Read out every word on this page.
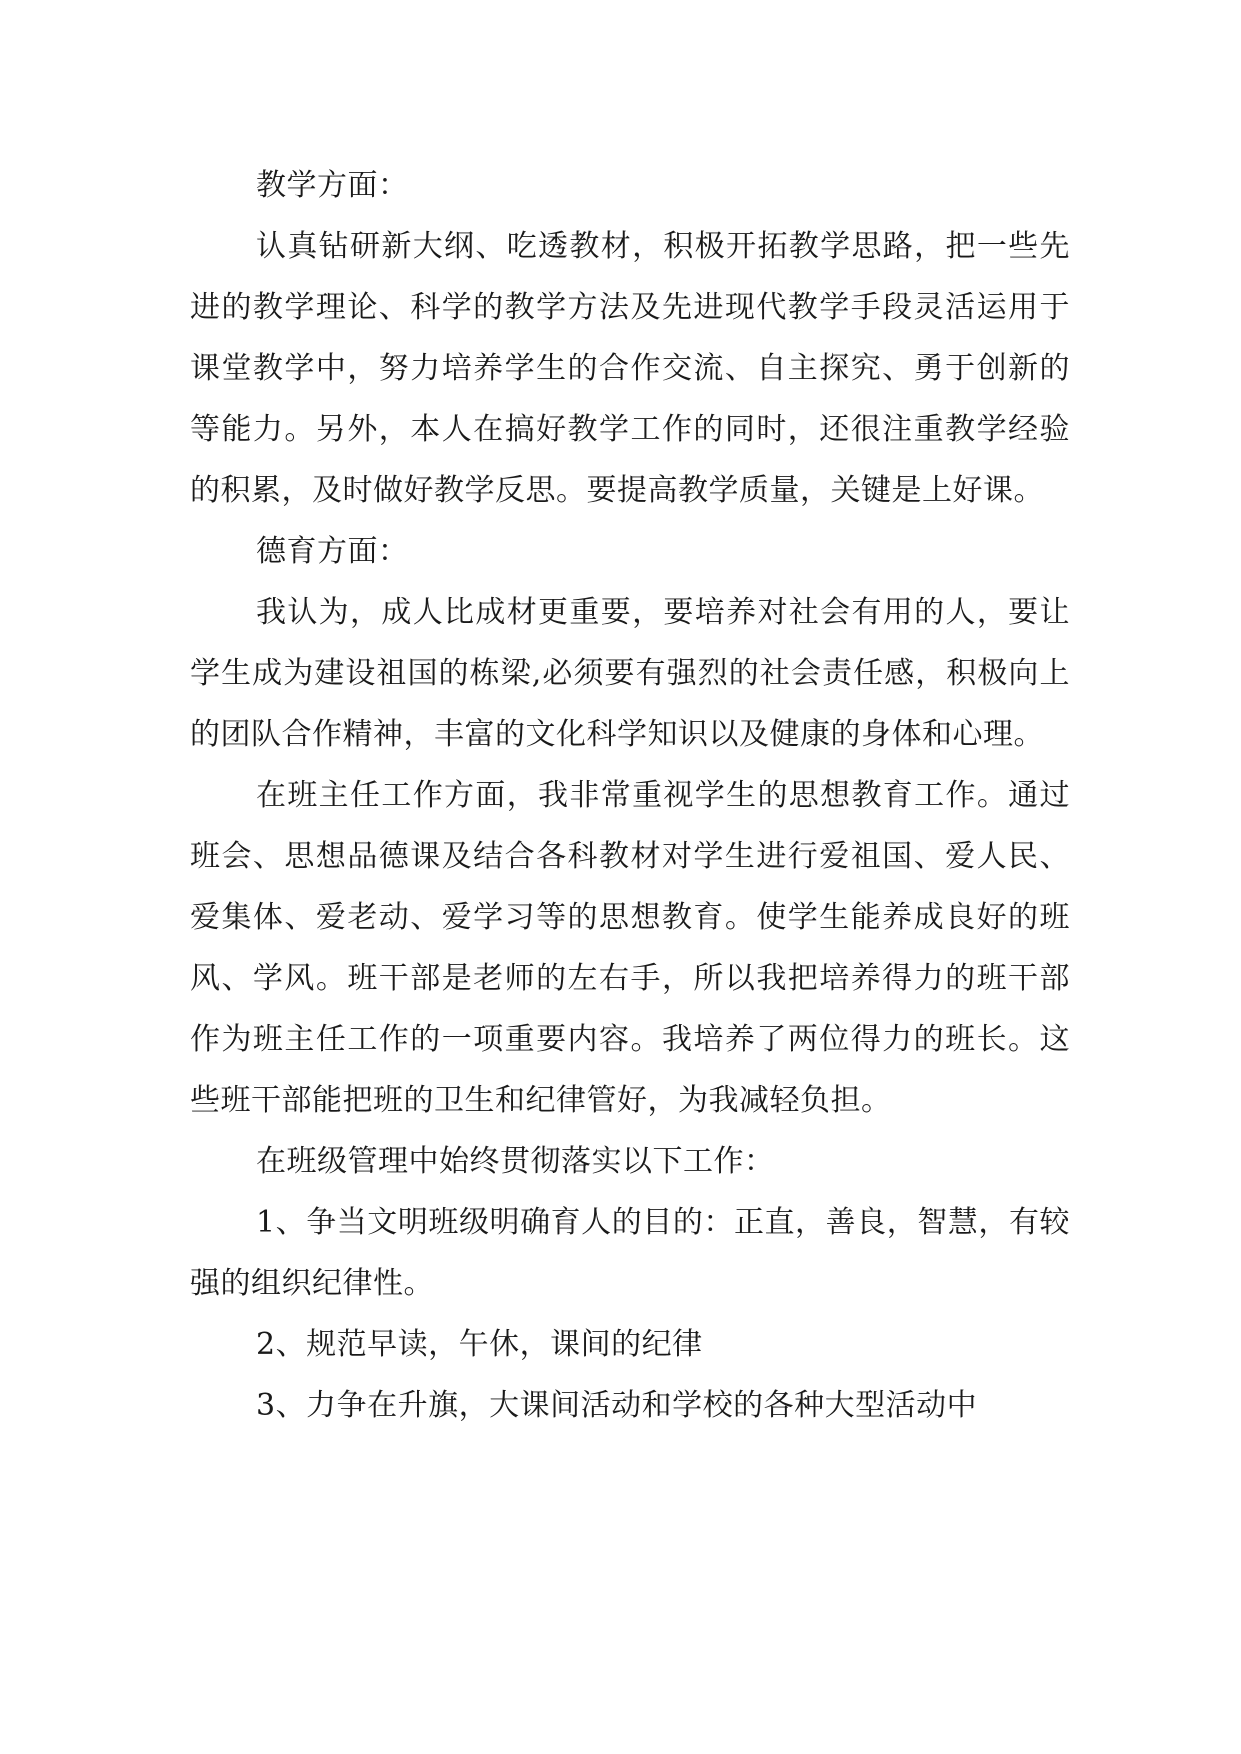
教学方面：

认真钻研新大纲、吃透教材，积极开拓教学思路，把一些先进的教学理论、科学的教学方法及先进现代教学手段灵活运用于课堂教学中，努力培养学生的合作交流、自主探究、勇于创新的等能力。另外，本人在搞好教学工作的同时，还很注重教学经验的积累，及时做好教学反思。要提高教学质量，关键是上好课。

德育方面：

我认为，成人比成材更重要，要培养对社会有用的人，要让学生成为建设祖国的栋梁,必须要有强烈的社会责任感，积极向上的团队合作精神，丰富的文化科学知识以及健康的身体和心理。

在班主任工作方面，我非常重视学生的思想教育工作。通过班会、思想品德课及结合各科教材对学生进行爱祖国、爱人民、爱集体、爱老动、爱学习等的思想教育。使学生能养成良好的班风、学风。班干部是老师的左右手，所以我把培养得力的班干部作为班主任工作的一项重要内容。我培养了两位得力的班长。这些班干部能把班的卫生和纪律管好，为我减轻负担。

在班级管理中始终贯彻落实以下工作：

1、争当文明班级明确育人的目的：正直，善良，智慧，有较强的组织纪律性。

2、规范早读，午休，课间的纪律

3、力争在升旗，大课间活动和学校的各种大型活动中
